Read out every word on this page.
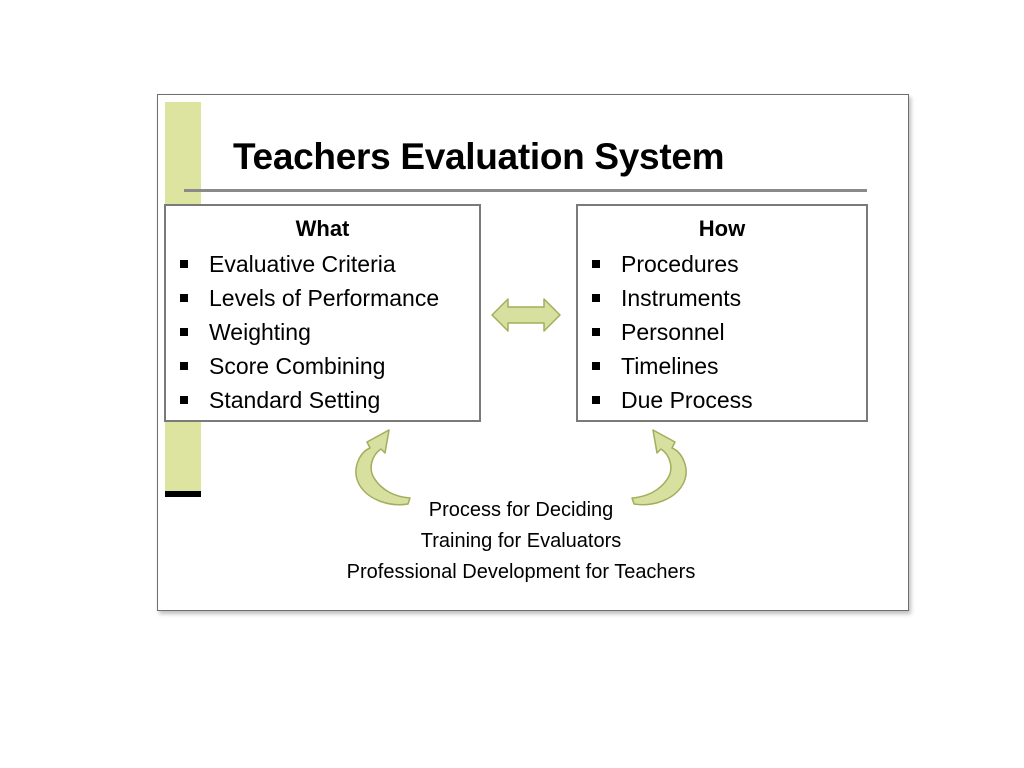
Teachers Evaluation System
What
Evaluative Criteria
Levels of Performance
Weighting
Score Combining
Standard Setting
How
Procedures
Instruments
Personnel
Timelines
Due Process
Process for Deciding
Training for Evaluators
Professional Development for Teachers
